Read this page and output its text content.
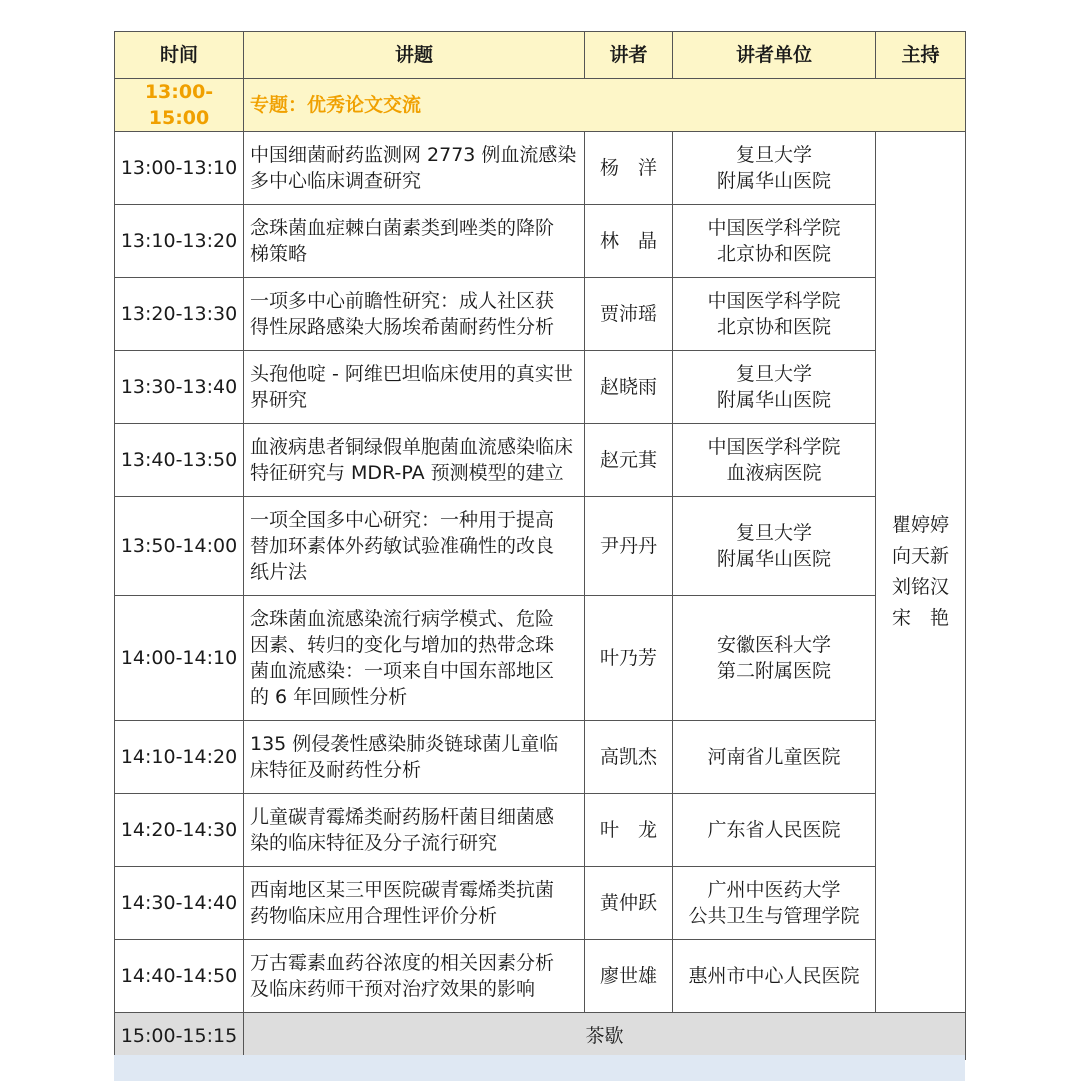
时间	讲题	讲者	讲者单位	主持
13:00-15:00	专题：优秀论文交流			
13:00-13:10	中国细菌耐药监测网 2773 例血流感染
多中心临床调查研究	杨　洋	复旦大学
附属华山医院	瞿婷婷
向天新
刘铭汉
宋　艳

13:10-13:20	念珠菌血症棘白菌素类到唑类的降阶
梯策略	林　晶	中国医学科学院
北京协和医院	

13:20-13:30	一项多中心前瞻性研究：成人社区获
得性尿路感染大肠埃希菌耐药性分析	贾沛瑶	中国医学科学院
北京协和医院	

13:30-13:40	头孢他啶 - 阿维巴坦临床使用的真实世
界研究	赵晓雨	复旦大学
附属华山医院	

13:40-13:50	血液病患者铜绿假单胞菌血流感染临床
特征研究与 MDR-PA 预测模型的建立	赵元萁	中国医学科学院
血液病医院	

13:50-14:00	一项全国多中心研究：一种用于提高
替加环素体外药敏试验准确性的改良
纸片法	尹丹丹	复旦大学
附属华山医院	

14:00-14:10	念珠菌血流感染流行病学模式、危险
因素、转归的变化与增加的热带念珠
菌血流感染：一项来自中国东部地区
的 6 年回顾性分析	叶乃芳	安徽医科大学
第二附属医院	

14:10-14:20	135 例侵袭性感染肺炎链球菌儿童临
床特征及耐药性分析	高凯杰	河南省儿童医院	

14:20-14:30	儿童碳青霉烯类耐药肠杆菌目细菌感
染的临床特征及分子流行研究	叶　龙	广东省人民医院	

14:30-14:40	西南地区某三甲医院碳青霉烯类抗菌
药物临床应用合理性评价分析	黄仲跃	广州中医药大学
公共卫生与管理学院	

14:40-14:50	万古霉素血药谷浓度的相关因素分析
及临床药师干预对治疗效果的影响	廖世雄	惠州市中心人民医院	

15:00-15:15	茶歇			
